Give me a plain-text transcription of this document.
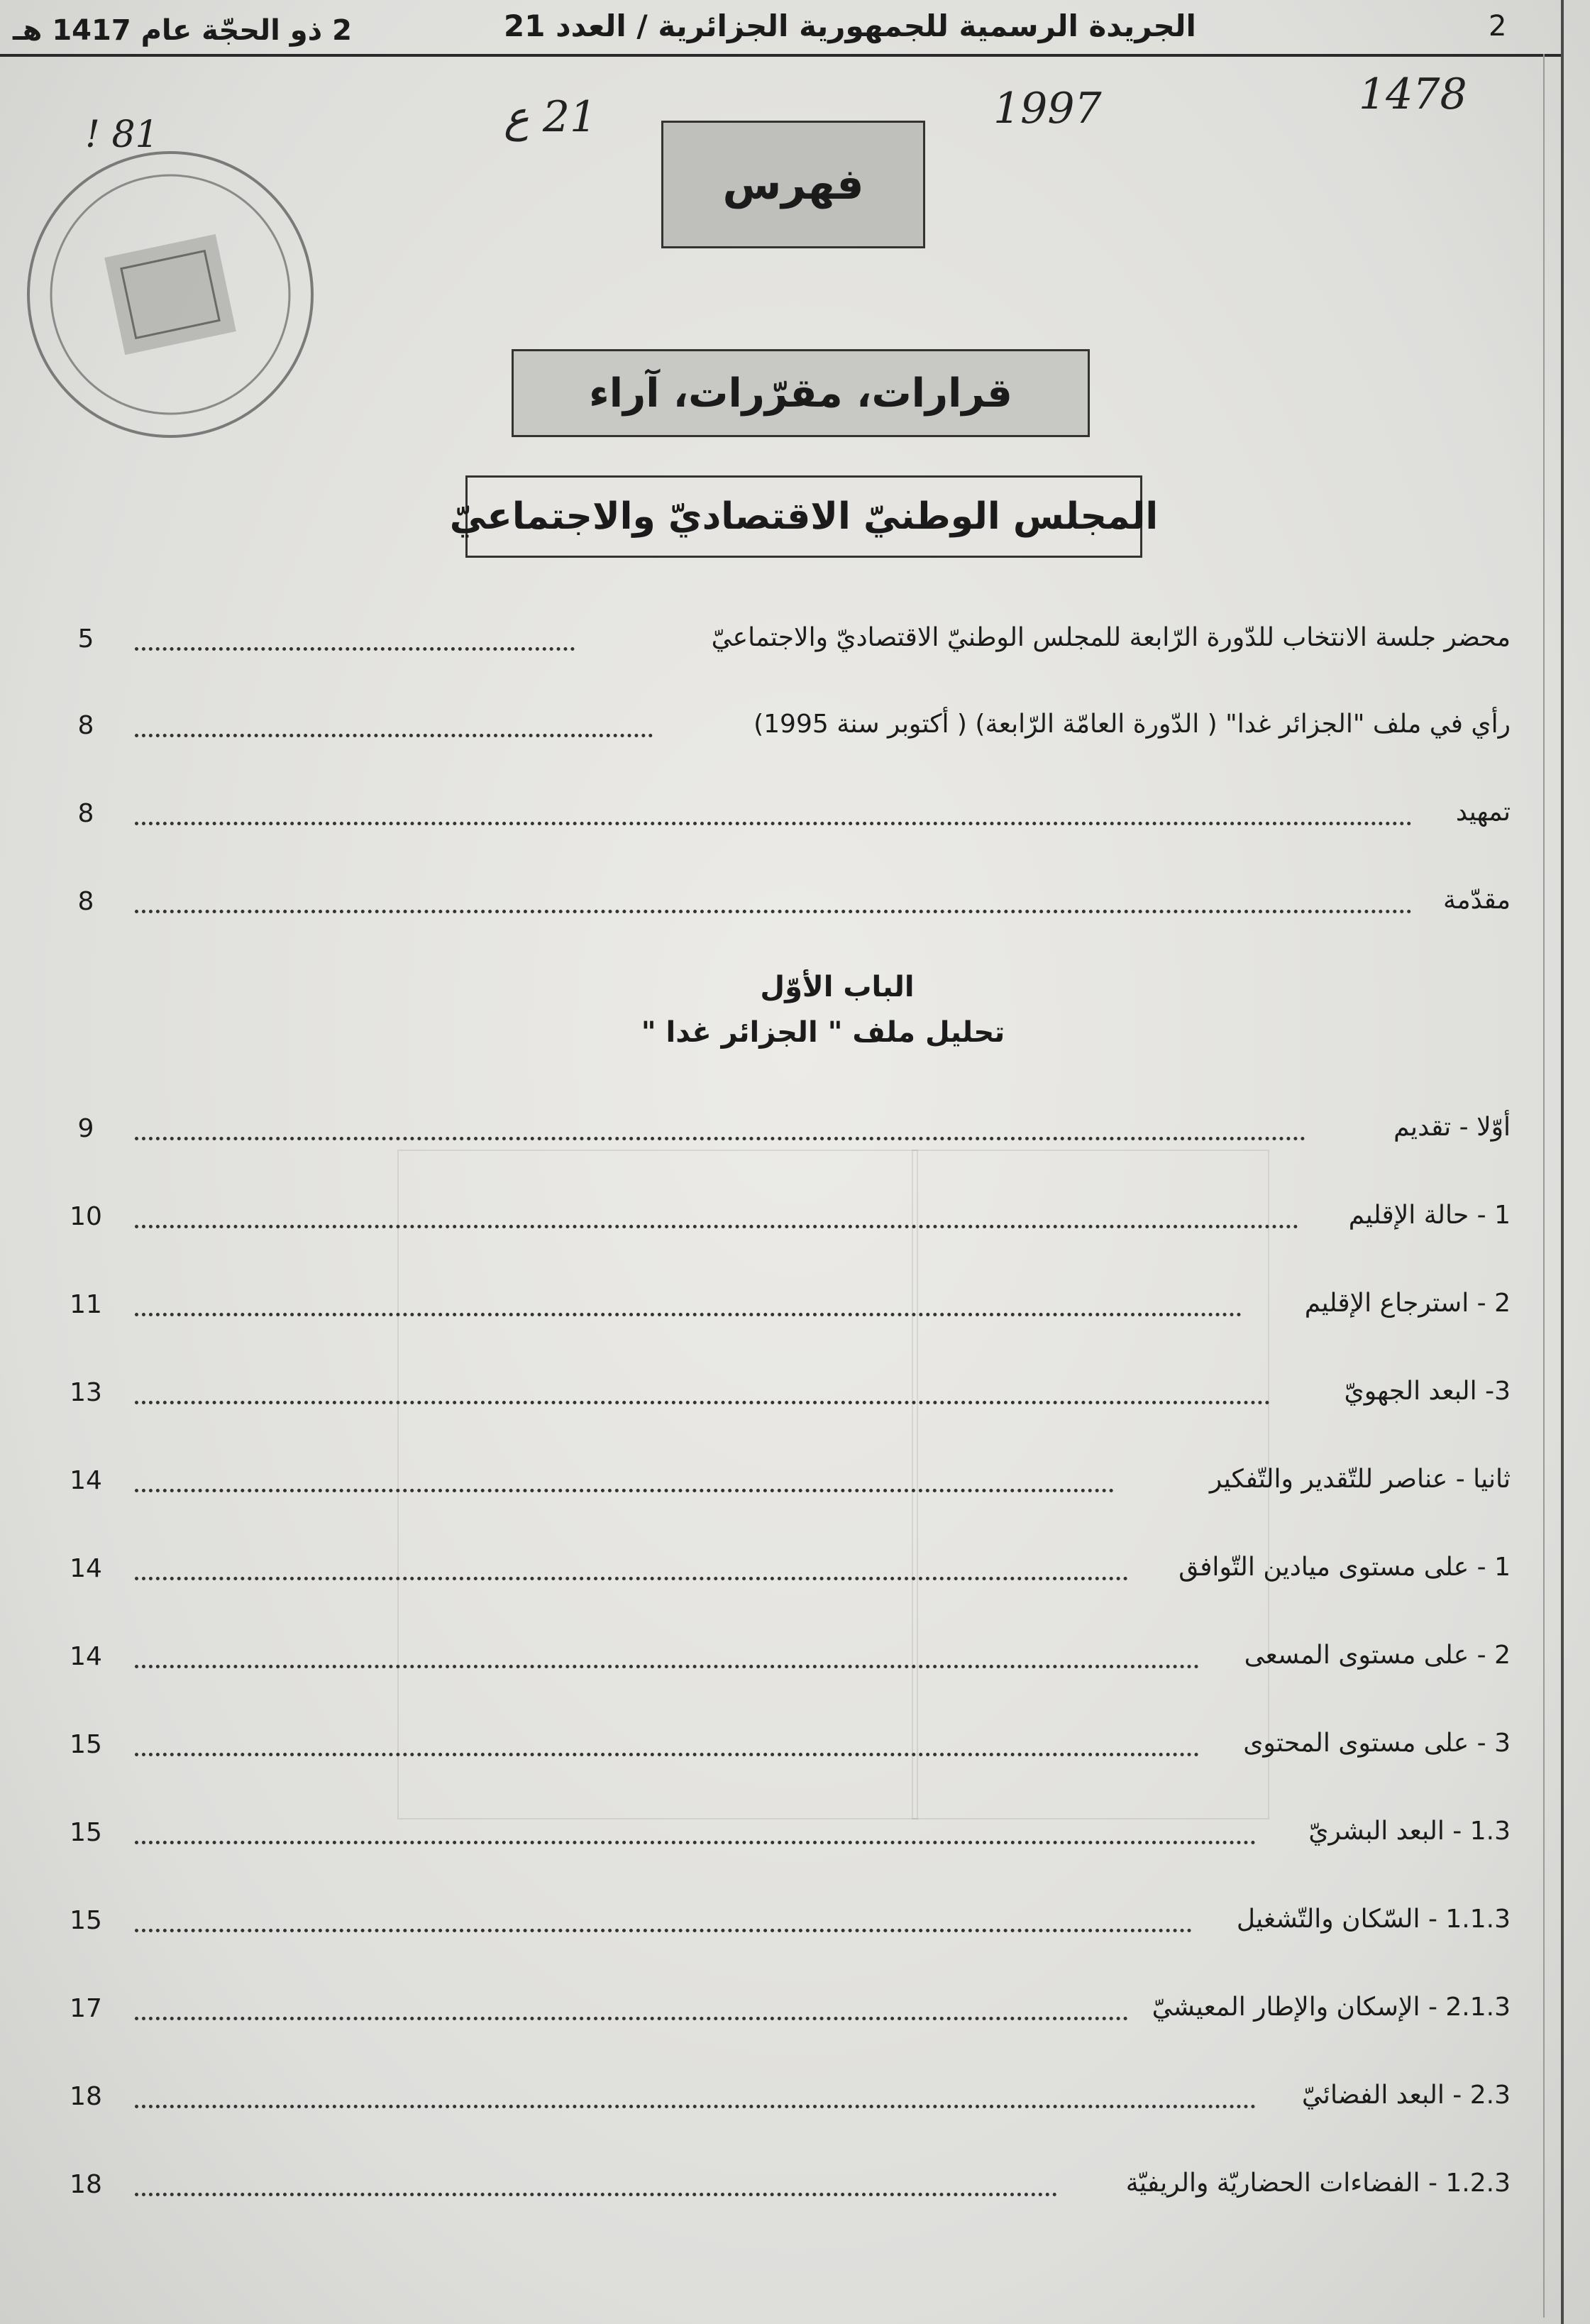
2 ذو الحجّة عام 1417 هـ	الجريدة الرسمية للجمهورية الجزائرية / العدد 21	2
1478
1997
21 ع
81 !
فهرس
قرارات، مقرّرات، آراء
المجلس الوطنيّ الاقتصاديّ والاجتماعيّ
الباب الأوّل
تحليل ملف " الجزائر غدا "
5	محضر جلسة الانتخاب للدّورة الرّابعة للمجلس الوطنيّ الاقتصاديّ والاجتماعيّ
8	رأي في ملف "الجزائر غدا" ( الدّورة العامّة الرّابعة) ( أكتوبر سنة 1995)
8	تمهيد
8	مقدّمة
9	أوّلا - تقديم
10	1 - حالة الإقليم
11	2 - استرجاع الإقليم
13	3- البعد الجهويّ
14	ثانيا - عناصر للتّقدير والتّفكير
14	1 - على مستوى ميادين التّوافق
14	2 - على مستوى المسعى
15	3 - على مستوى المحتوى
15	1.3 - البعد البشريّ
15	1.1.3 - السّكان والتّشغيل
17	2.1.3 - الإسكان والإطار المعيشيّ
18	2.3 - البعد الفضائيّ
18	1.2.3 - الفضاءات الحضاريّة والريفيّة
